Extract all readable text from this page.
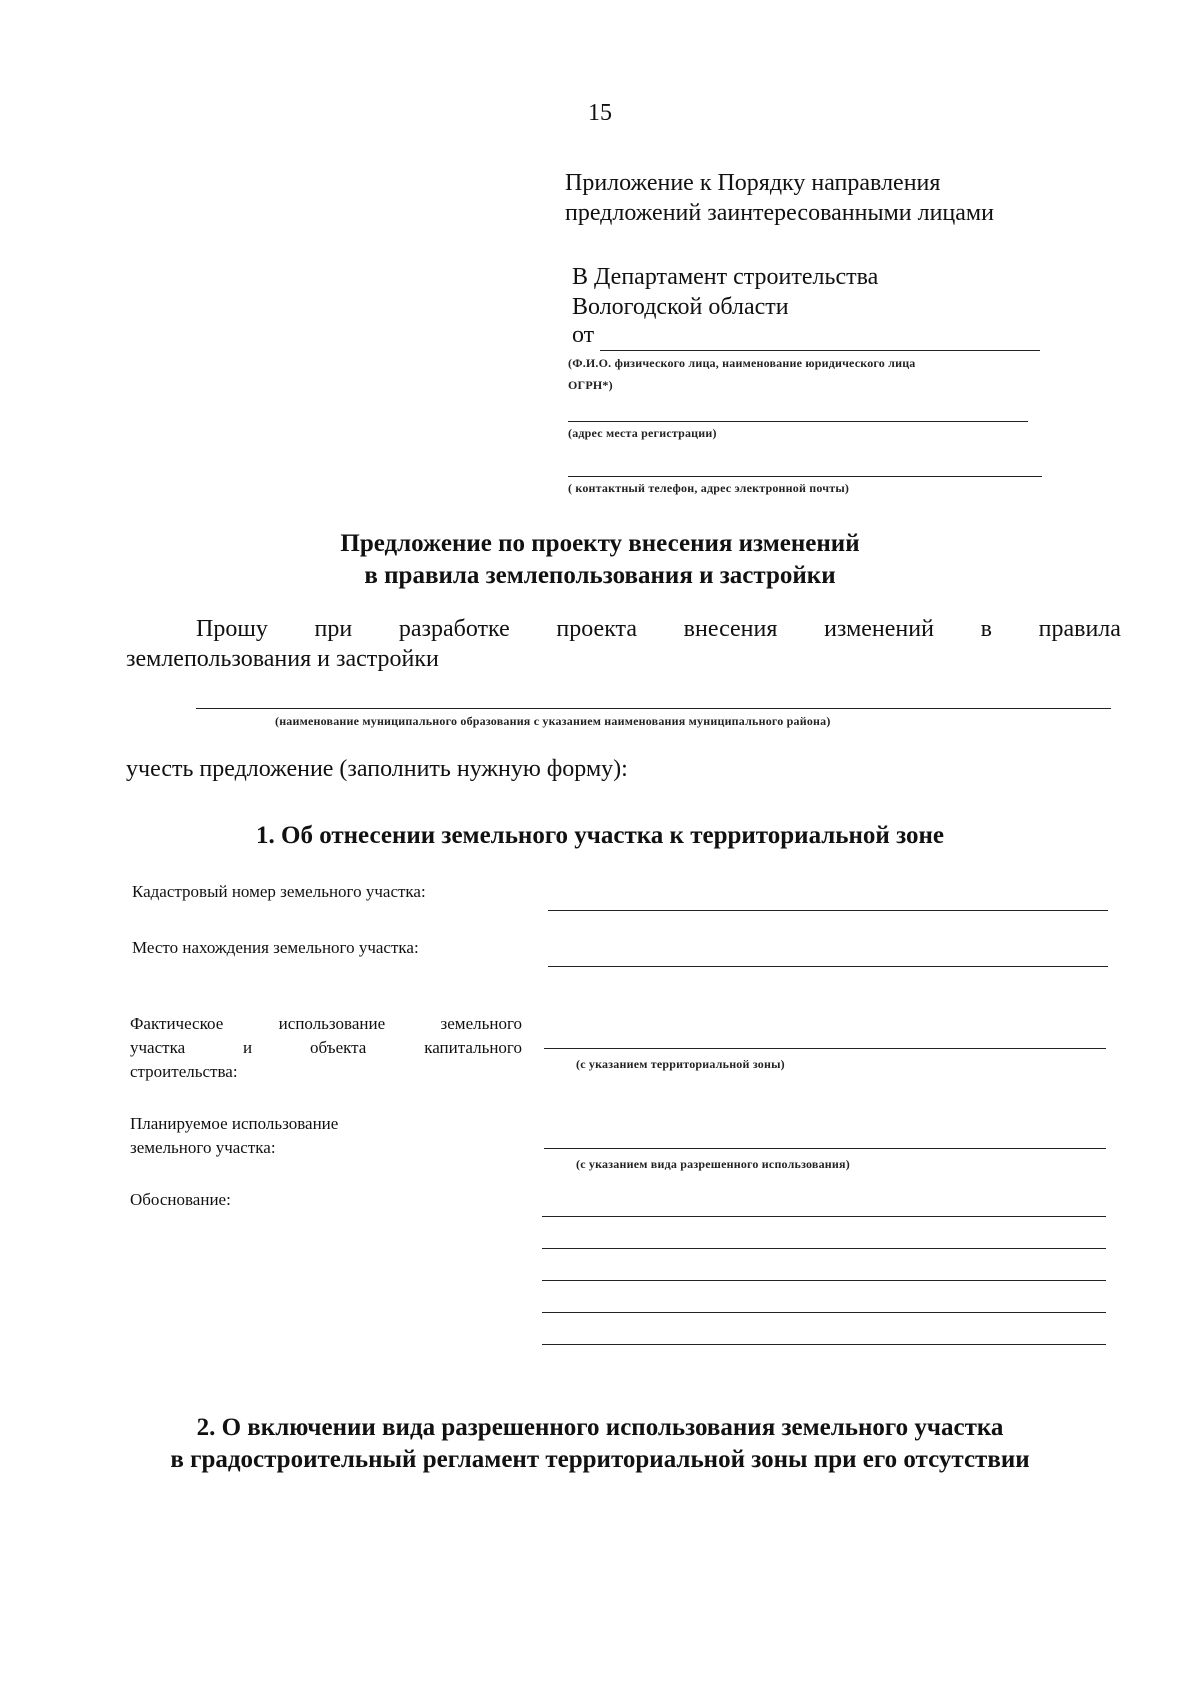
15
Приложение к Порядку направления
предложений заинтересованными лицами
В Департамент строительства
Вологодской области
от
(Ф.И.О. физического лица, наименование юридического лица
ОГРН*)
(адрес места регистрации)
( контактный телефон, адрес электронной почты)
Предложение по проекту внесения изменений
в правила землепользования и застройки
Прошу при разработке проекта внесения изменений в правила
землепользования и застройки
(наименование муниципального образования с указанием наименования муниципального района)
учесть предложение (заполнить нужную форму):
1. Об отнесении земельного участка к территориальной зоне
Кадастровый номер земельного участка:
Место нахождения земельного участка:
Фактическое	использование	земельного
участка	и	объекта	капитального
строительства:	(с указанием территориальной зоны)
Планируемое использование
земельного участка:
(с указанием вида разрешенного использования)
Обоснование:
2. О включении вида разрешенного использования земельного участка
в градостроительный регламент территориальной зоны при его отсутствии
